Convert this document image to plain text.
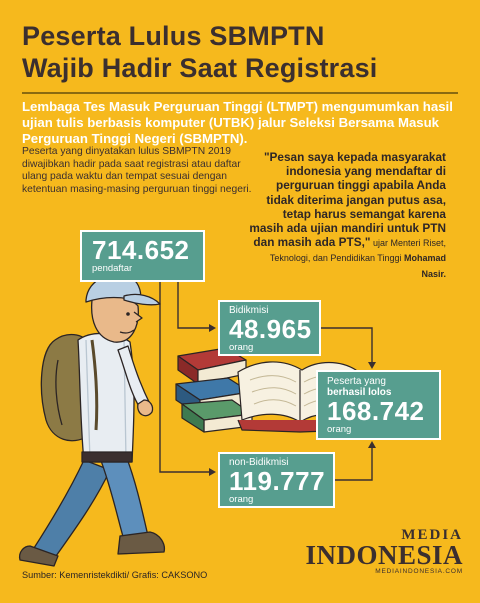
Peserta Lulus SBMPTN
Wajib Hadir Saat Registrasi
Lembaga Tes Masuk Perguruan Tinggi (LTMPT) mengumumkan hasil ujian tulis berbasis komputer (UTBK) jalur Seleksi Bersama Masuk Perguruan Tinggi Negeri (SBMPTN).
Peserta yang dinyatakan lulus SBMPTN 2019 diwajibkan hadir pada saat registrasi atau daftar ulang pada waktu dan tempat sesuai dengan ketentuan masing-masing perguruan tinggi negeri.
"Pesan saya kepada masyarakat indonesia yang mendaftar di perguruan tinggi apabila Anda tidak diterima jangan putus asa, tetap harus semangat karena masih ada ujian mandiri untuk PTN dan masih ada PTS," ujar Menteri Riset, Teknologi, dan Pendidikan Tinggi Mohamad Nasir.
714.652
pendaftar
Bidikmisi
48.965
orang
Peserta yang
berhasil lolos
168.742
orang
non-Bidikmisi
119.777
orang
Sumber: Kemenristekdikti/ Grafis: CAKSONO
MEDIA
INDONESIA
MEDIAINDONESIA.COM
